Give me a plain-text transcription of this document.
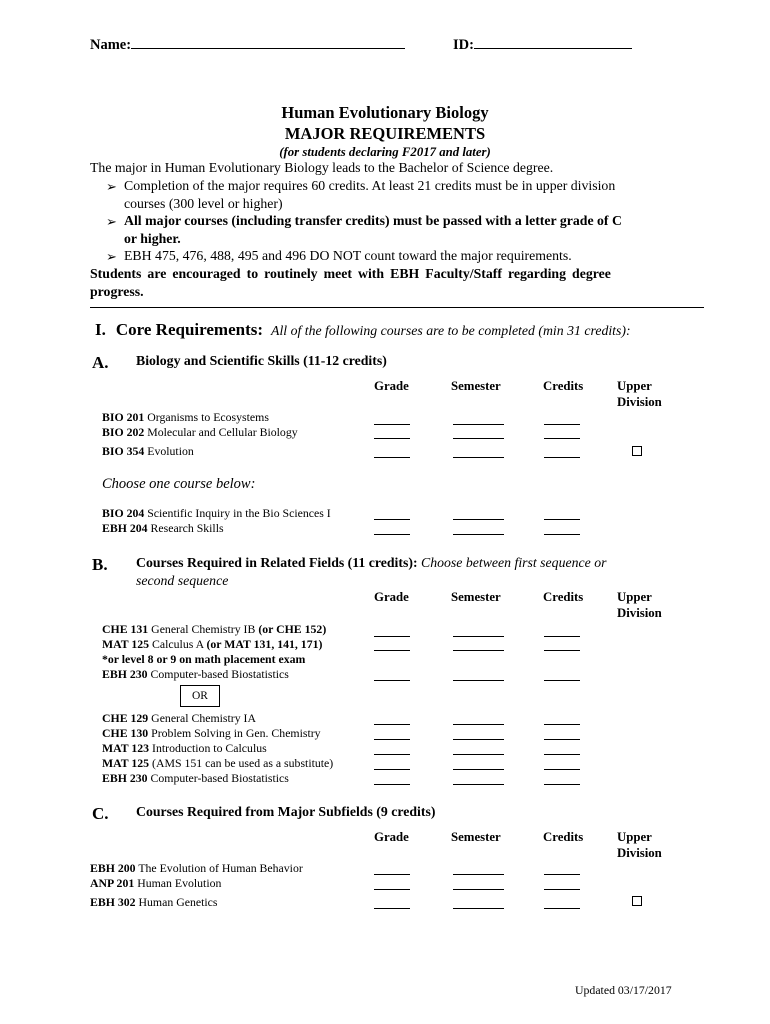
Name:	ID:
Human Evolutionary Biology
MAJOR REQUIREMENTS
(for students declaring F2017 and later)
The major in Human Evolutionary Biology leads to the Bachelor of Science degree.
➢ Completion of the major requires 60 credits. At least 21 credits must be in upper division
courses (300 level or higher)
➢ All major courses (including transfer credits) must be passed with a letter grade of C
or higher.
➢ EBH 475, 476, 488, 495 and 496 DO NOT count toward the major requirements.
Students are encouraged to routinely meet with EBH Faculty/Staff regarding degree
progress.
I. Core Requirements: All of the following courses are to be completed (min 31 credits):
A. Biology and Scientific Skills (11-12 credits)
Grade	Semester	Credits	Upper
Division
BIO 201 Organisms to Ecosystems
BIO 202 Molecular and Cellular Biology
BIO 354 Evolution
Choose one course below:
BIO 204 Scientific Inquiry in the Bio Sciences I
EBH 204 Research Skills
B. Courses Required in Related Fields (11 credits): Choose between first sequence or
second sequence
Grade	Semester	Credits	Upper
Division
CHE 131 General Chemistry IB (or CHE 152)
MAT 125 Calculus A (or MAT 131, 141, 171)
*or level 8 or 9 on math placement exam
EBH 230 Computer-based Biostatistics
OR
CHE 129 General Chemistry IA
CHE 130 Problem Solving in Gen. Chemistry
MAT 123 Introduction to Calculus
MAT 125 (AMS 151 can be used as a substitute)
EBH 230 Computer-based Biostatistics
C. Courses Required from Major Subfields (9 credits)
Grade	Semester	Credits	Upper
Division
EBH 200 The Evolution of Human Behavior
ANP 201 Human Evolution
EBH 302 Human Genetics
Updated 03/17/2017
